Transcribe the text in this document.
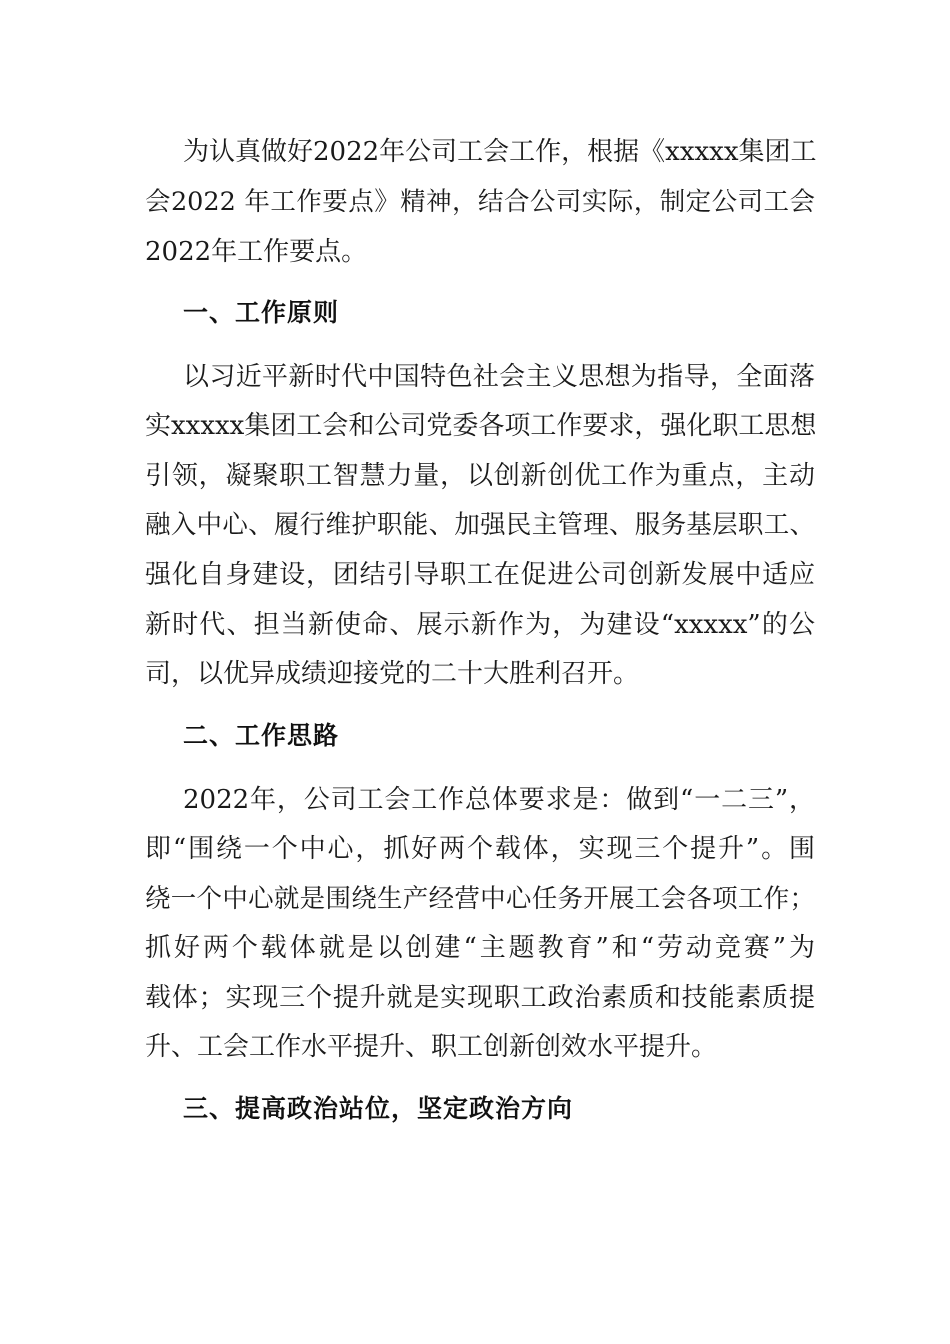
为认真做好2022年公司工会工作，根据《xxxxx集团工
会2022 年工作要点》精神，结合公司实际，制定公司工会
2022年工作要点。
一、工作原则
以习近平新时代中国特色社会主义思想为指导，全面落
实xxxxx集团工会和公司党委各项工作要求，强化职工思想
引领，凝聚职工智慧力量，以创新创优工作为重点，主动
融入中心、履行维护职能、加强民主管理、服务基层职工、
强化自身建设，团结引导职工在促进公司创新发展中适应
新时代、担当新使命、展示新作为，为建设“xxxxx”的公
司，以优异成绩迎接党的二十大胜利召开。
二、工作思路
2022年，公司工会工作总体要求是：做到“一二三”，
即“围绕一个中心，抓好两个载体，实现三个提升”。围
绕一个中心就是围绕生产经营中心任务开展工会各项工作；
抓好两个载体就是以创建“主题教育”和“劳动竞赛”为
载体；实现三个提升就是实现职工政治素质和技能素质提
升、工会工作水平提升、职工创新创效水平提升。
三、提高政治站位，坚定政治方向
